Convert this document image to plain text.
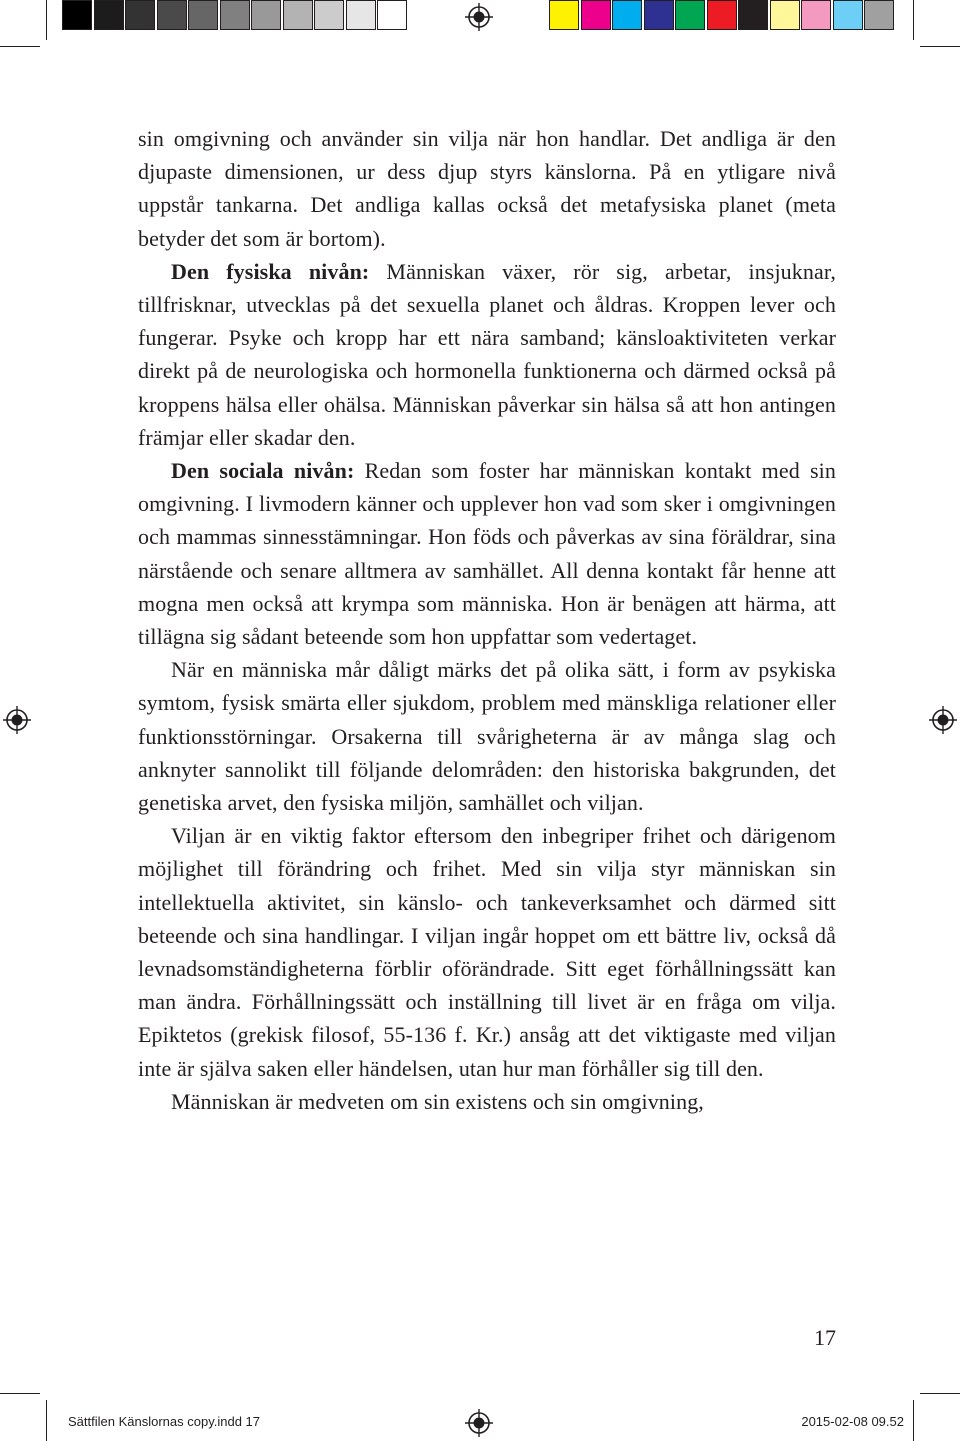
sin omgivning och använder sin vilja när hon handlar. Det andliga är den djupaste dimensionen, ur dess djup styrs känslorna. På en ytligare nivå uppstår tankarna. Det andliga kallas också det metafysiska planet (meta betyder det som är bortom).

Den fysiska nivån: Människan växer, rör sig, arbetar, insjuknar, tillfrisknar, utvecklas på det sexuella planet och åldras. Kroppen lever och fungerar. Psyke och kropp har ett nära samband; känsloaktiviteten verkar direkt på de neurologiska och hormonella funktionerna och därmed också på kroppens hälsa eller ohälsa. Människan påverkar sin hälsa så att hon antingen främjar eller skadar den.

Den sociala nivån: Redan som foster har människan kontakt med sin omgivning. I livmodern känner och upplever hon vad som sker i omgivningen och mammas sinnesstämningar. Hon föds och påverkas av sina föräldrar, sina närstående och senare alltmera av samhället. All denna kontakt får henne att mogna men också att krympa som människa. Hon är benägen att härma, att tillägna sig sådant beteende som hon uppfattar som vedertaget.

När en människa mår dåligt märks det på olika sätt, i form av psykiska symtom, fysisk smärta eller sjukdom, problem med mänskliga relationer eller funktionsstörningar. Orsakerna till svårigheterna är av många slag och anknyter sannolikt till följande delområden: den historiska bakgrunden, det genetiska arvet, den fysiska miljön, samhället och viljan.

Viljan är en viktig faktor eftersom den inbegriper frihet och därigenom möjlighet till förändring och frihet. Med sin vilja styr människan sin intellektuella aktivitet, sin känslo- och tankeverksamhet och därmed sitt beteende och sina handlingar. I viljan ingår hoppet om ett bättre liv, också då levnadsomständigheterna förblir oförändrade. Sitt eget förhållningssätt kan man ändra. Förhållningssätt och inställning till livet är en fråga om vilja. Epiktetos (grekisk filosof, 55-136 f. Kr.) ansåg att det viktigaste med viljan inte är själva saken eller händelsen, utan hur man förhåller sig till den.

Människan är medveten om sin existens och sin omgivning,

17
Sättfilen Känslornas copy.indd 17	2015-02-08 09.52
